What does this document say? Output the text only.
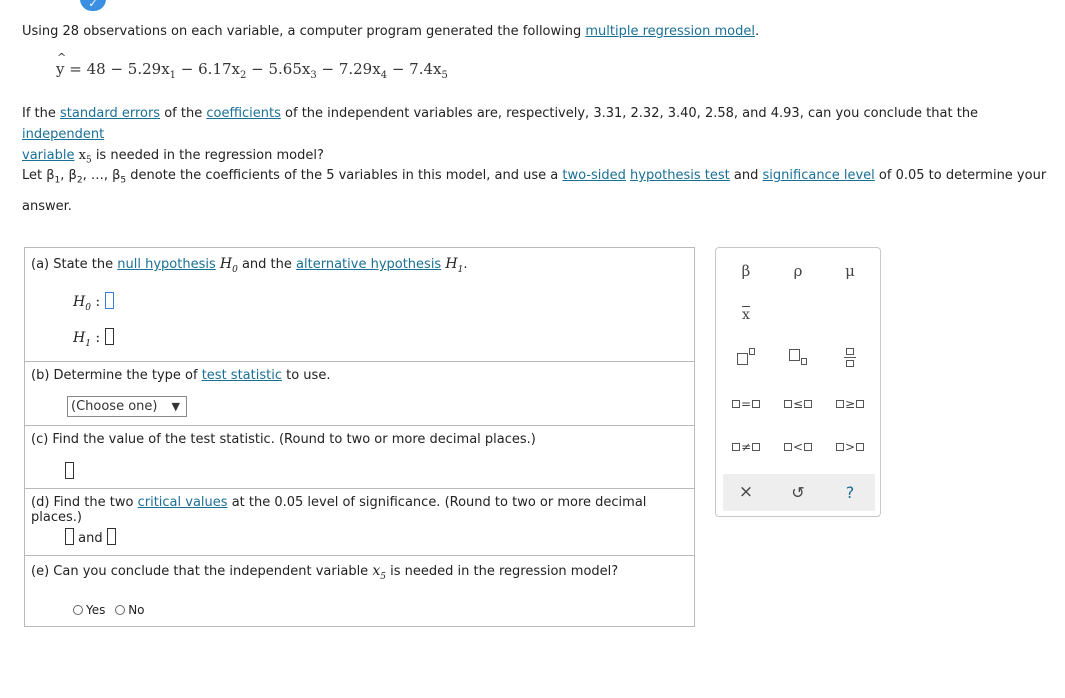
✓
Using 28 observations on each variable, a computer program generated the following multiple regression model.
^ $y = 48 - 5.29x_1 - 6.17x_2 - 5.65x_3 - 7.29x_4 - 7.4x_5$
If the standard errors of the coefficients of the independent variables are, respectively, 3.31, 2.32, 3.40, 2.58, and 4.93, can you conclude that the independent
variable $x_5$ is needed in the regression model?
Let $\beta_1$, $\beta_2$, …, $\beta_5$ denote the coefficients of the 5 variables in this model, and use a two-sided hypothesis test and significance level of 0.05 to determine your
answer.
(a) State the null hypothesis $H_0$ and the alternative hypothesis $H_1$.
$H_0$ :
$H_1$ :
(b) Determine the type of test statistic to use.
(Choose one) ▼
(c) Find the value of the test statistic. (Round to two or more decimal places.)
(d) Find the two critical values at the 0.05 level of significance. (Round to two or more decimal places.)
and
(e) Can you conclude that the independent variable $x_5$ is needed in the regression model?
Yes No
β	ρ	μ
$\overline{x}$
=	≤	≥
≠	<	>
×	↺	?
